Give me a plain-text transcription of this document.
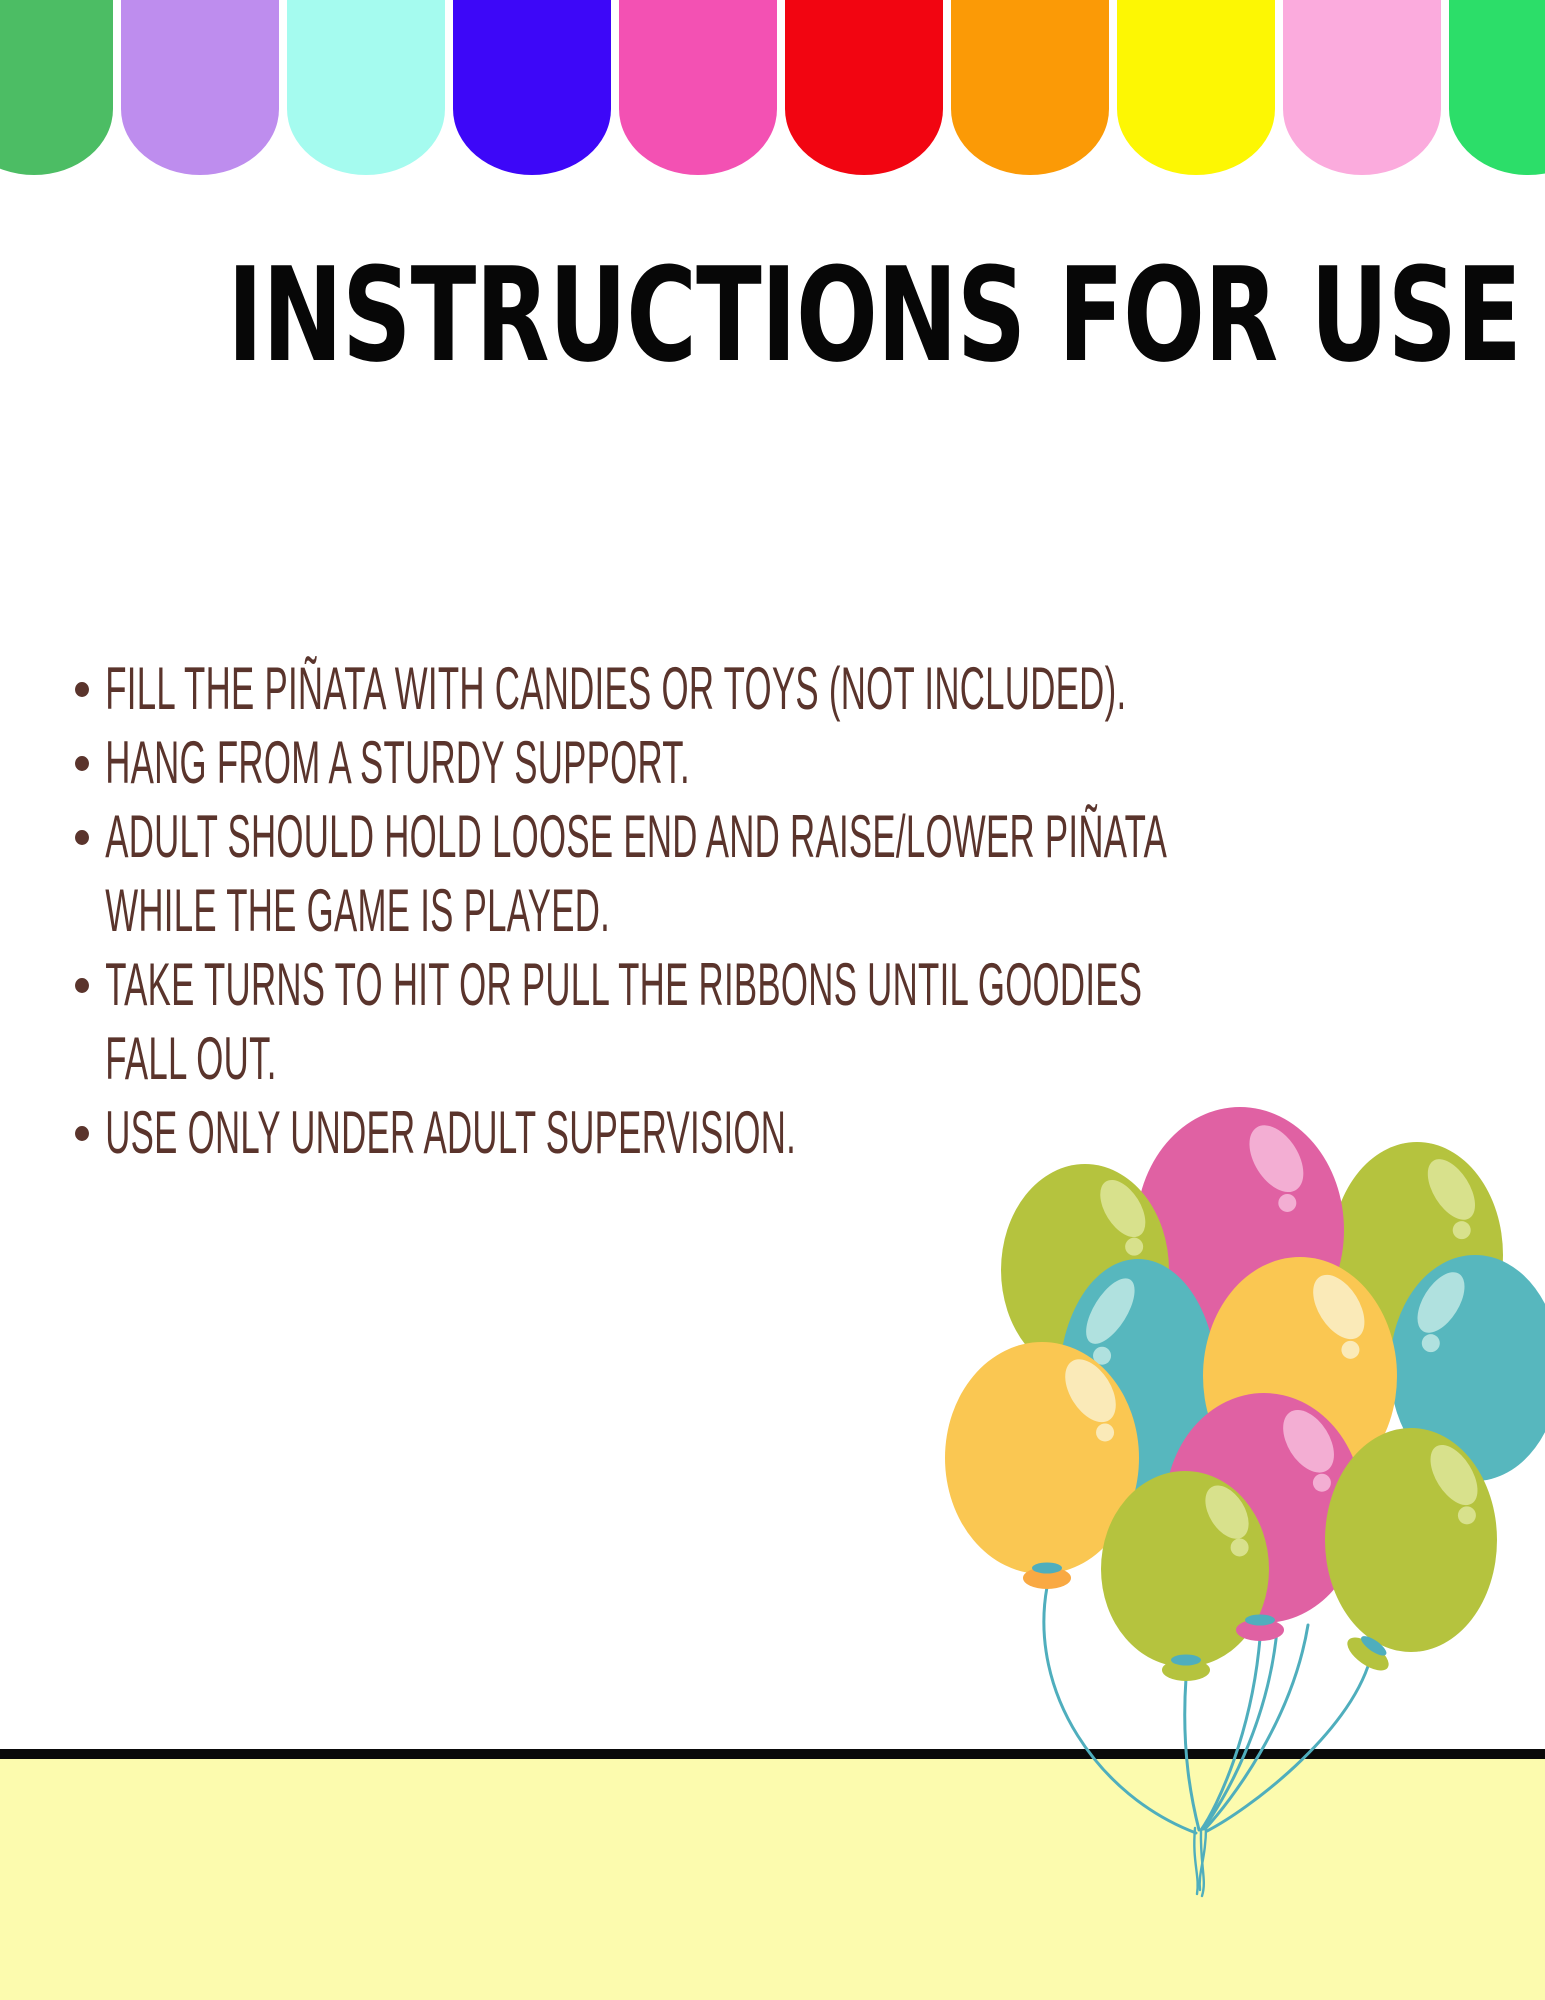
INSTRUCTIONS FOR USE
FILL THE PIÑATA WITH CANDIES OR TOYS (NOT INCLUDED).
HANG FROM A STURDY SUPPORT.
ADULT SHOULD HOLD LOOSE END AND RAISE/LOWER PIÑATA
WHILE THE GAME IS PLAYED.
TAKE TURNS TO HIT OR PULL THE RIBBONS UNTIL GOODIES
FALL OUT.
USE ONLY UNDER ADULT SUPERVISION.
